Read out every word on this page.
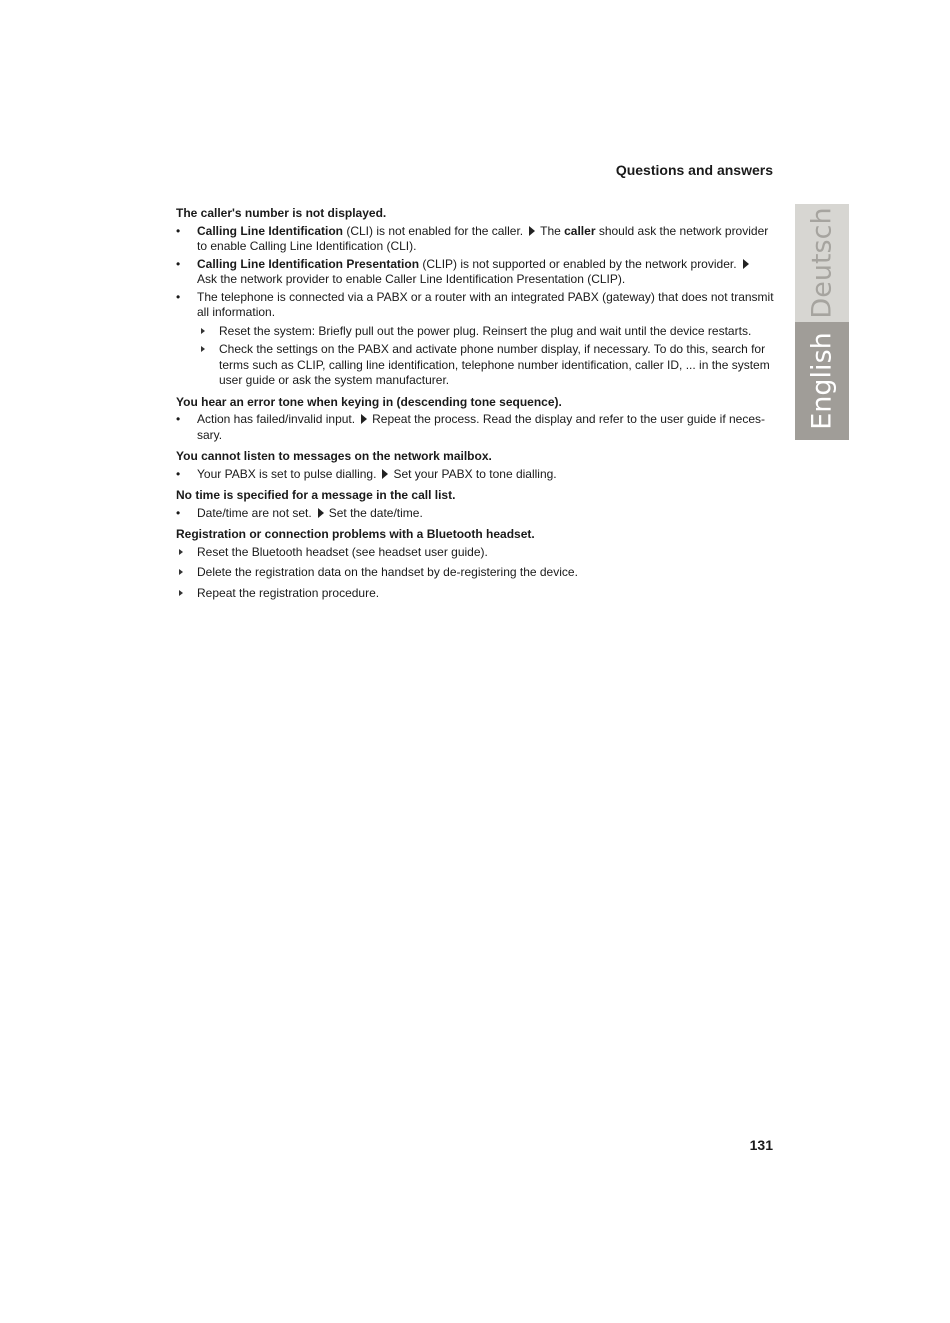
Questions and answers
Deutsch
English
The caller's number is not displayed.
• Calling Line Identification (CLI) is not enabled for the caller. The caller should ask the network provider to enable Calling Line Identification (CLI).
• Calling Line Identification Presentation (CLIP) is not supported or enabled by the network provider.
Ask the network provider to enable Caller Line Identification Presentation (CLIP).
• The telephone is connected via a PABX or a router with an integrated PABX (gateway) that does not transmit all information.
Reset the system: Briefly pull out the power plug. Reinsert the plug and wait until the device restarts.
Check the settings on the PABX and activate phone number display, if necessary. To do this, search for terms such as CLIP, calling line identification, telephone number identification, caller ID, ... in the system user guide or ask the system manufacturer.
You hear an error tone when keying in (descending tone sequence).
• Action has failed/invalid input. Repeat the process. Read the display and refer to the user guide if neces- sary.
You cannot listen to messages on the network mailbox.
• Your PABX is set to pulse dialling. Set your PABX to tone dialling.
No time is specified for a message in the call list.
• Date/time are not set. Set the date/time.
Registration or connection problems with a Bluetooth headset.
Reset the Bluetooth headset (see headset user guide).
Delete the registration data on the handset by de-registering the device.
Repeat the registration procedure.
131
